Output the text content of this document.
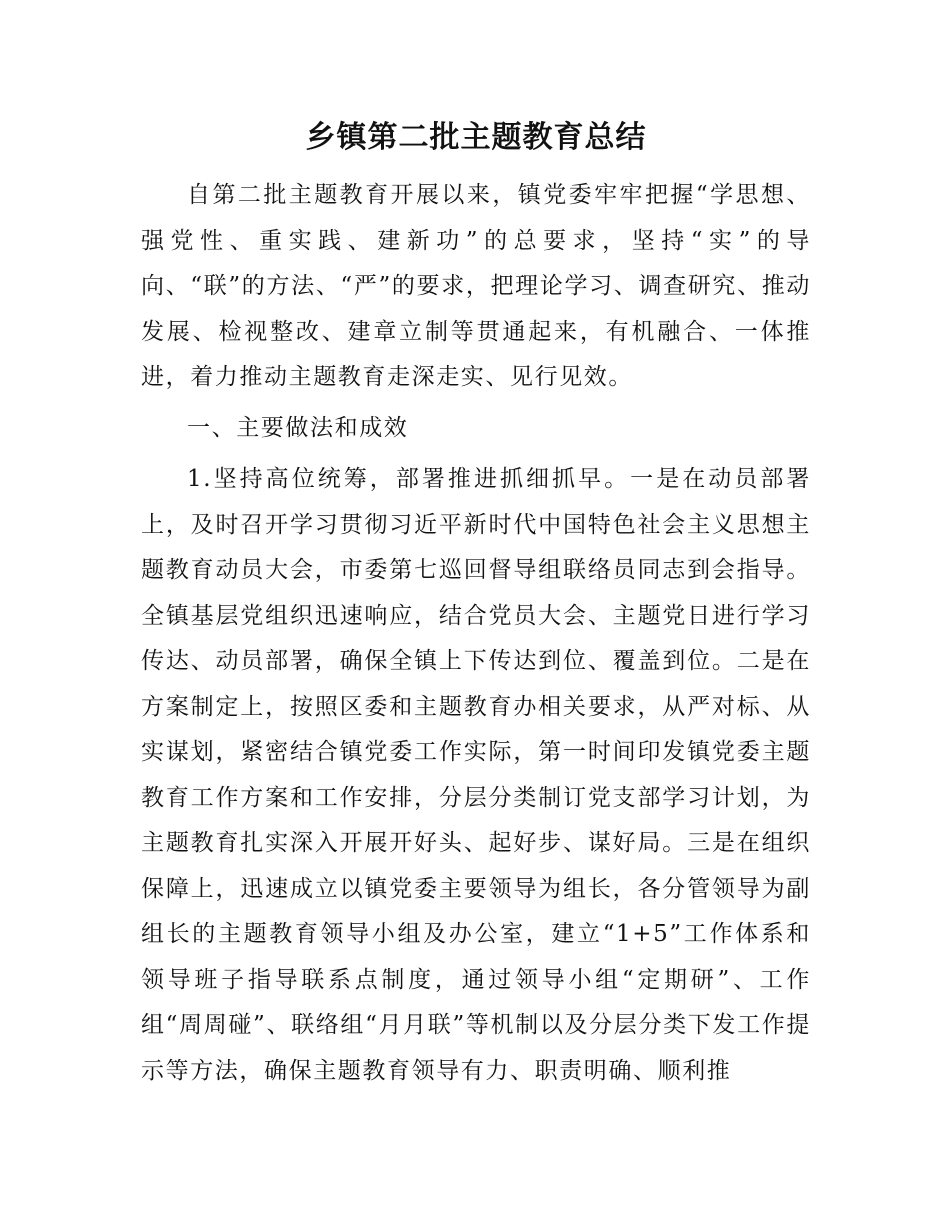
乡镇第二批主题教育总结

自第二批主题教育开展以来，镇党委牢牢把握“学思想、强党性、重实践、建新功”的总要求，坚持“实”的导向、“联”的方法、“严”的要求，把理论学习、调查研究、推动发展、检视整改、建章立制等贯通起来，有机融合、一体推进，着力推动主题教育走深走实、见行见效。

一、主要做法和成效

1.坚持高位统筹，部署推进抓细抓早。一是在动员部署上，及时召开学习贯彻习近平新时代中国特色社会主义思想主题教育动员大会，市委第七巡回督导组联络员同志到会指导。全镇基层党组织迅速响应，结合党员大会、主题党日进行学习传达、动员部署，确保全镇上下传达到位、覆盖到位。二是在方案制定上，按照区委和主题教育办相关要求，从严对标、从实谋划，紧密结合镇党委工作实际，第一时间印发镇党委主题教育工作方案和工作安排，分层分类制订党支部学习计划，为主题教育扎实深入开展开好头、起好步、谋好局。三是在组织保障上，迅速成立以镇党委主要领导为组长，各分管领导为副组长的主题教育领导小组及办公室，建立“1+5”工作体系和领导班子指导联系点制度，通过领导小组“定期研”、工作组“周周碰”、联络组“月月联”等机制以及分层分类下发工作提示等方法，确保主题教育领导有力、职责明确、顺利推
